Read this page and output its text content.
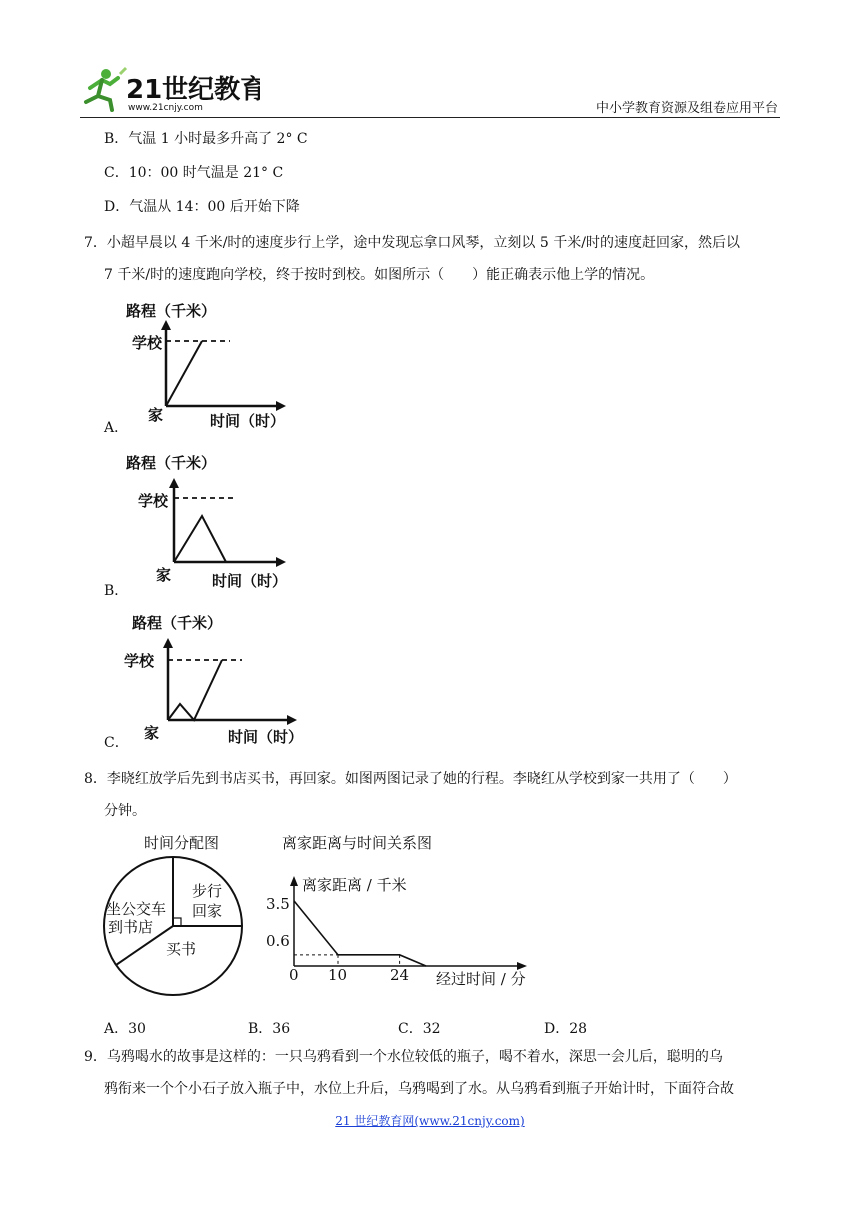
21世纪教育
www.21cnjy.com	中小学教育资源及组卷应用平台
B．气温 1 小时最多升高了 2° C
C．10：00 时气温是 21° C
D．气温从 14：00 后开始下降
7．小超早晨以 4 千米/时的速度步行上学，途中发现忘拿口风琴，立刻以 5 千米/时的速度赶回家，然后以
7 千米/时的速度跑向学校，终于按时到校。如图所示（　　）能正确表示他上学的情况。
A．
路程（千米）
学校
家	时间（时）
B．
路程（千米）
学校
家	时间（时）
C．
路程（千米）
学校
家	时间（时）
8．李晓红放学后先到书店买书，再回家。如图两图记录了她的行程。李晓红从学校到家一共用了（　　）
分钟。
时间分配图
坐公交车
到书店
步行
回家
买书
离家距离与时间关系图
离家距离 / 千米
经过时间 / 分
3.5
0.6
0 10	24
A．30	B．36	C．32	D．28
9．乌鸦喝水的故事是这样的：一只乌鸦看到一个水位较低的瓶子，喝不着水，深思一会儿后，聪明的乌
鸦衔来一个个小石子放入瓶子中，水位上升后，乌鸦喝到了水。从乌鸦看到瓶子开始计时，下面符合故
21 世纪教育网(www.21cnjy.com)
